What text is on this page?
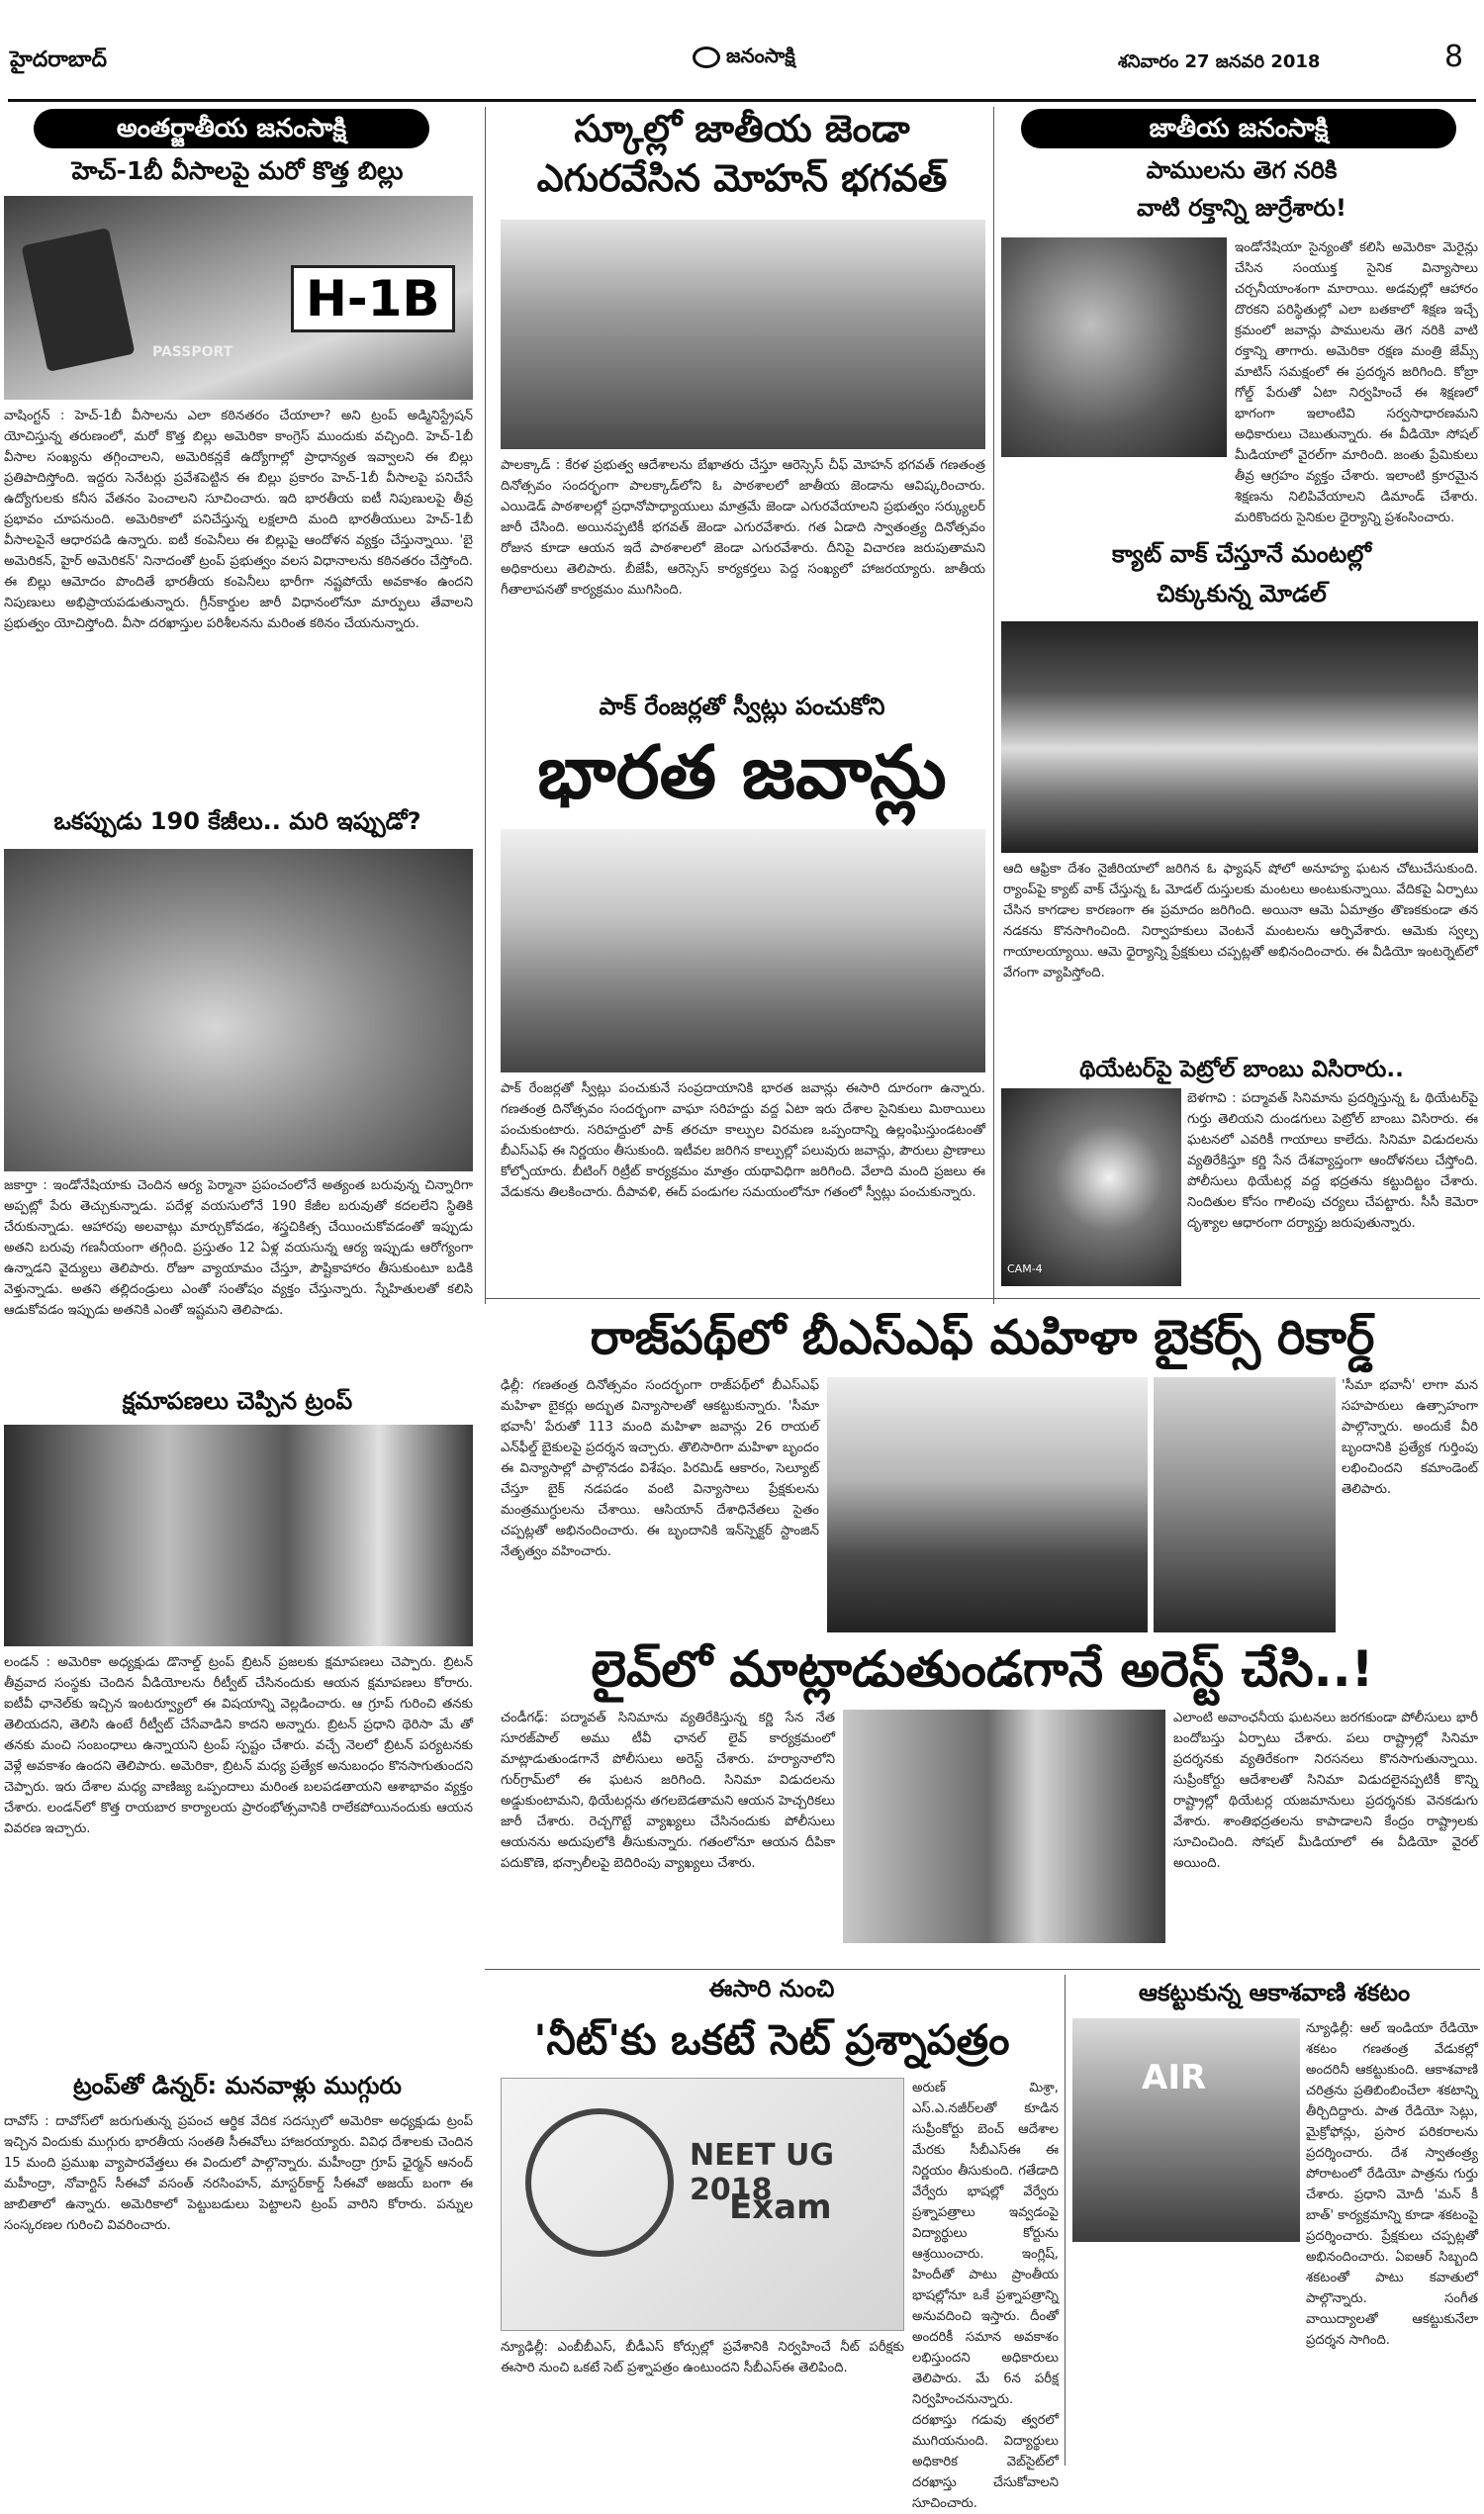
హైదరాబాద్	జనంసాక్షి	శనివారం 27 జనవరి 2018	8
అంతర్జాతీయ జనంసాక్షి
హెచ్‌-1బీ వీసాలపై మరో కొత్త బిల్లు
H-1B
PASSPORT
వాషింగ్టన్‌ : హెచ్‌-1బీ వీసాలను ఎలా కఠినతరం చేయాలా? అని ట్రంప్‌ అడ్మినిస్ట్రేషన్‌ యోచిస్తున్న తరుణంలో, మరో కొత్త బిల్లు అమెరికా కాంగ్రెస్‌ ముందుకు వచ్చింది. హెచ్‌-1బీ వీసాల సంఖ్యను తగ్గించాలని, అమెరికన్లకే ఉద్యోగాల్లో ప్రాధాన్యత ఇవ్వాలని ఈ బిల్లు ప్రతిపాదిస్తోంది. ఇద్దరు సెనేటర్లు ప్రవేశపెట్టిన ఈ బిల్లు ప్రకారం హెచ్‌-1బీ వీసాలపై పనిచేసే ఉద్యోగులకు కనీస వేతనం పెంచాలని సూచించారు. ఇది భారతీయ ఐటీ నిపుణులపై తీవ్ర ప్రభావం చూపనుంది. అమెరికాలో పనిచేస్తున్న లక్షలాది మంది భారతీయులు హెచ్‌-1బీ వీసాలపైనే ఆధారపడి ఉన్నారు. ఐటీ కంపెనీలు ఈ బిల్లుపై ఆందోళన వ్యక్తం చేస్తున్నాయి. 'బై అమెరికన్‌, హైర్‌ అమెరికన్‌' నినాదంతో ట్రంప్‌ ప్రభుత్వం వలస విధానాలను కఠినతరం చేస్తోంది. ఈ బిల్లు ఆమోదం పొందితే భారతీయ కంపెనీలు భారీగా నష్టపోయే అవకాశం ఉందని నిపుణులు అభిప్రాయపడుతున్నారు. గ్రీన్‌కార్డుల జారీ విధానంలోనూ మార్పులు తేవాలని ప్రభుత్వం యోచిస్తోంది. వీసా దరఖాస్తుల పరిశీలనను మరింత కఠినం చేయనున్నారు.
ఒకప్పుడు 190 కేజీలు.. మరి ఇప్పుడో?
జకార్తా : ఇండోనేషియాకు చెందిన ఆర్య పెర్మానా ప్రపంచంలోనే అత్యంత బరువున్న చిన్నారిగా అప్పట్లో పేరు తెచ్చుకున్నాడు. పదేళ్ల వయసులోనే 190 కేజీల బరువుతో కదలలేని స్థితికి చేరుకున్నాడు. ఆహారపు అలవాట్లు మార్చుకోవడం, శస్త్రచికిత్స చేయించుకోవడంతో ఇప్పుడు అతని బరువు గణనీయంగా తగ్గింది. ప్రస్తుతం 12 ఏళ్ల వయసున్న ఆర్య ఇప్పుడు ఆరోగ్యంగా ఉన్నాడని వైద్యులు తెలిపారు. రోజూ వ్యాయామం చేస్తూ, పౌష్టికాహారం తీసుకుంటూ బడికి వెళ్తున్నాడు. అతని తల్లిదండ్రులు ఎంతో సంతోషం వ్యక్తం చేస్తున్నారు. స్నేహితులతో కలిసి ఆడుకోవడం ఇప్పుడు అతనికి ఎంతో ఇష్టమని తెలిపాడు.
క్షమాపణలు చెప్పిన ట్రంప్‌
లండన్‌ : అమెరికా అధ్యక్షుడు డొనాల్డ్‌ ట్రంప్‌ బ్రిటన్‌ ప్రజలకు క్షమాపణలు చెప్పారు. బ్రిటన్‌ తీవ్రవాద సంస్థకు చెందిన వీడియోలను రీట్వీట్‌ చేసినందుకు ఆయన క్షమాపణలు కోరారు. ఐటీవీ ఛానెల్‌కు ఇచ్చిన ఇంటర్వ్యూలో ఈ విషయాన్ని వెల్లడించారు. ఆ గ్రూప్‌ గురించి తనకు తెలియదని, తెలిసి ఉంటే రీట్వీట్‌ చేసేవాడిని కాదని అన్నారు. బ్రిటన్‌ ప్రధాని థెరిసా మే తో తనకు మంచి సంబంధాలు ఉన్నాయని ట్రంప్‌ స్పష్టం చేశారు. వచ్చే నెలలో బ్రిటన్‌ పర్యటనకు వెళ్లే అవకాశం ఉందని తెలిపారు. అమెరికా, బ్రిటన్‌ మధ్య ప్రత్యేక అనుబంధం కొనసాగుతుందని చెప్పారు. ఇరు దేశాల మధ్య వాణిజ్య ఒప్పందాలు మరింత బలపడతాయని ఆశాభావం వ్యక్తం చేశారు. లండన్‌లో కొత్త రాయబార కార్యాలయ ప్రారంభోత్సవానికి రాలేకపోయినందుకు ఆయన వివరణ ఇచ్చారు.
ట్రంప్‌తో డిన్నర్‌: మనవాళ్లు ముగ్గురు
దావోస్‌ : దావోస్‌లో జరుగుతున్న ప్రపంచ ఆర్థిక వేదిక సదస్సులో అమెరికా అధ్యక్షుడు ట్రంప్‌ ఇచ్చిన విందుకు ముగ్గురు భారతీయ సంతతి సీఈవోలు హాజరయ్యారు. వివిధ దేశాలకు చెందిన 15 మంది ప్రముఖ వ్యాపారవేత్తలు ఈ విందులో పాల్గొన్నారు. మహీంద్రా గ్రూప్‌ ఛైర్మన్‌ ఆనంద్‌ మహీంద్రా, నోవార్టిస్‌ సీఈవో వసంత్‌ నరసింహన్‌, మాస్టర్‌కార్డ్‌ సీఈవో అజయ్‌ బంగా ఈ జాబితాలో ఉన్నారు. అమెరికాలో పెట్టుబడులు పెట్టాలని ట్రంప్‌ వారిని కోరారు. పన్నుల సంస్కరణల గురించి వివరించారు.
స్కూల్లో జాతీయ జెండా
ఎగురవేసిన మోహన్‌ భగవత్‌
పాలక్కాడ్‌ : కేరళ ప్రభుత్వ ఆదేశాలను బేఖాతరు చేస్తూ ఆరెస్సెస్‌ చీఫ్‌ మోహన్‌ భగవత్‌ గణతంత్ర దినోత్సవం సందర్భంగా పాలక్కాడ్‌లోని ఓ పాఠశాలలో జాతీయ జెండాను ఆవిష్కరించారు. ఎయిడెడ్‌ పాఠశాలల్లో ప్రధానోపాధ్యాయులు మాత్రమే జెండా ఎగురవేయాలని ప్రభుత్వం సర్క్యులర్‌ జారీ చేసింది. అయినప్పటికీ భగవత్‌ జెండా ఎగురవేశారు. గత ఏడాది స్వాతంత్ర్య దినోత్సవం రోజున కూడా ఆయన ఇదే పాఠశాలలో జెండా ఎగురవేశారు. దీనిపై విచారణ జరుపుతామని అధికారులు తెలిపారు. బీజేపీ, ఆరెస్సెస్‌ కార్యకర్తలు పెద్ద సంఖ్యలో హాజరయ్యారు. జాతీయ గీతాలాపనతో కార్యక్రమం ముగిసింది.
పాక్‌ రేంజర్లతో స్వీట్లు పంచుకోని
భారత జవాన్లు
పాక్‌ రేంజర్లతో స్వీట్లు పంచుకునే సంప్రదాయానికి భారత జవాన్లు ఈసారి దూరంగా ఉన్నారు. గణతంత్ర దినోత్సవం సందర్భంగా వాఘా సరిహద్దు వద్ద ఏటా ఇరు దేశాల సైనికులు మిఠాయిలు పంచుకుంటారు. సరిహద్దులో పాక్‌ తరచూ కాల్పుల విరమణ ఒప్పందాన్ని ఉల్లంఘిస్తుండటంతో బీఎస్‌ఎఫ్‌ ఈ నిర్ణయం తీసుకుంది. ఇటీవల జరిగిన కాల్పుల్లో పలువురు జవాన్లు, పౌరులు ప్రాణాలు కోల్పోయారు. బీటింగ్‌ రిట్రీట్‌ కార్యక్రమం మాత్రం యథావిధిగా జరిగింది. వేలాది మంది ప్రజలు ఈ వేడుకను తిలకించారు. దీపావళి, ఈద్‌ పండుగల సమయంలోనూ గతంలో స్వీట్లు పంచుకున్నారు.
జాతీయ జనంసాక్షి
పాములను తెగ నరికి
వాటి రక్తాన్ని జుర్రేశారు!
ఇండోనేషియా సైన్యంతో కలిసి అమెరికా మెరైన్లు చేసిన సంయుక్త సైనిక విన్యాసాలు చర్చనీయాంశంగా మారాయి. అడవుల్లో ఆహారం దొరకని పరిస్థితుల్లో ఎలా బతకాలో శిక్షణ ఇచ్చే క్రమంలో జవాన్లు పాములను తెగ నరికి వాటి రక్తాన్ని తాగారు. అమెరికా రక్షణ మంత్రి జేమ్స్‌ మాటిస్‌ సమక్షంలో ఈ ప్రదర్శన జరిగింది. కోబ్రా గోల్డ్‌ పేరుతో ఏటా నిర్వహించే ఈ శిక్షణలో భాగంగా ఇలాంటివి సర్వసాధారణమని అధికారులు చెబుతున్నారు. ఈ వీడియో సోషల్‌ మీడియాలో వైరల్‌గా మారింది. జంతు ప్రేమికులు తీవ్ర ఆగ్రహం వ్యక్తం చేశారు. ఇలాంటి క్రూరమైన శిక్షణను నిలిపివేయాలని డిమాండ్‌ చేశారు. మరికొందరు సైనికుల ధైర్యాన్ని ప్రశంసించారు.
క్యాట్‌ వాక్‌ చేస్తూనే మంటల్లో
చిక్కుకున్న మోడల్‌
ఆది ఆఫ్రికా దేశం నైజీరియాలో జరిగిన ఓ ఫ్యాషన్‌ షోలో అనూహ్య ఘటన చోటుచేసుకుంది. ర్యాంప్‌పై క్యాట్‌ వాక్‌ చేస్తున్న ఓ మోడల్‌ దుస్తులకు మంటలు అంటుకున్నాయి. వేదికపై ఏర్పాటు చేసిన కాగడాల కారణంగా ఈ ప్రమాదం జరిగింది. అయినా ఆమె ఏమాత్రం తొణకకుండా తన నడకను కొనసాగించింది. నిర్వాహకులు వెంటనే మంటలను ఆర్పివేశారు. ఆమెకు స్వల్ప గాయాలయ్యాయి. ఆమె ధైర్యాన్ని ప్రేక్షకులు చప్పట్లతో అభినందించారు. ఈ వీడియో ఇంటర్నెట్‌లో వేగంగా వ్యాపిస్తోంది.
థియేటర్‌పై పెట్రోల్‌ బాంబు విసిరారు..
CAM-4
బెళగావి : పద్మావత్‌ సినిమాను ప్రదర్శిస్తున్న ఓ థియేటర్‌పై గుర్తు తెలియని దుండగులు పెట్రోల్‌ బాంబు విసిరారు. ఈ ఘటనలో ఎవరికీ గాయాలు కాలేదు. సినిమా విడుదలను వ్యతిరేకిస్తూ కర్ణి సేన దేశవ్యాప్తంగా ఆందోళనలు చేస్తోంది. పోలీసులు థియేటర్ల వద్ద భద్రతను కట్టుదిట్టం చేశారు. నిందితుల కోసం గాలింపు చర్యలు చేపట్టారు. సీసీ కెమెరా దృశ్యాల ఆధారంగా దర్యాప్తు జరుపుతున్నారు.
రాజ్‌పథ్‌లో బీఎస్‌ఎఫ్‌ మహిళా బైకర్స్‌ రికార్డ్‌
ఢిల్లీ: గణతంత్ర దినోత్సవం సందర్భంగా రాజ్‌పథ్‌లో బీఎస్‌ఎఫ్‌ మహిళా బైకర్లు అద్భుత విన్యాసాలతో ఆకట్టుకున్నారు. 'సీమా భవానీ' పేరుతో 113 మంది మహిళా జవాన్లు 26 రాయల్‌ ఎన్‌ఫీల్డ్‌ బైకులపై ప్రదర్శన ఇచ్చారు. తొలిసారిగా మహిళా బృందం ఈ విన్యాసాల్లో పాల్గొనడం విశేషం. పిరమిడ్‌ ఆకారం, సెల్యూట్‌ చేస్తూ బైక్‌ నడపడం వంటి విన్యాసాలు ప్రేక్షకులను మంత్రముగ్ధులను చేశాయి. ఆసియాన్‌ దేశాధినేతలు సైతం చప్పట్లతో అభినందించారు. ఈ బృందానికి ఇన్‌స్పెక్టర్‌ స్టాంజిన్‌ నేతృత్వం వహించారు.
'సీమా భవానీ' లాగా మన సహపాఠులు ఉత్సాహంగా పాల్గొన్నారు. అందుకే వీరి బృందానికి ప్రత్యేక గుర్తింపు లభించిందని కమాండెంట్‌ తెలిపారు.
లైవ్‌లో మాట్లాడుతుండగానే అరెస్ట్‌ చేసి..!
చండీగఢ్‌: పద్మావత్‌ సినిమాను వ్యతిరేకిస్తున్న కర్ణి సేన నేత సూరజ్‌పాల్‌ అము టీవీ ఛానల్‌ లైవ్‌ కార్యక్రమంలో మాట్లాడుతుండగానే పోలీసులు అరెస్ట్‌ చేశారు. హర్యానాలోని గుర్‌గ్రామ్‌లో ఈ ఘటన జరిగింది. సినిమా విడుదలను అడ్డుకుంటామని, థియేటర్లను తగలబెడతామని ఆయన హెచ్చరికలు జారీ చేశారు. రెచ్చగొట్టే వ్యాఖ్యలు చేసినందుకు పోలీసులు ఆయనను అదుపులోకి తీసుకున్నారు. గతంలోనూ ఆయన దీపికా పదుకొణె, భన్సాలీలపై బెదిరింపు వ్యాఖ్యలు చేశారు.
ఎలాంటి అవాంఛనీయ ఘటనలు జరగకుండా పోలీసులు భారీ బందోబస్తు ఏర్పాటు చేశారు. పలు రాష్ట్రాల్లో సినిమా ప్రదర్శనకు వ్యతిరేకంగా నిరసనలు కొనసాగుతున్నాయి. సుప్రీంకోర్టు ఆదేశాలతో సినిమా విడుదలైనప్పటికీ కొన్ని రాష్ట్రాల్లో థియేటర్ల యజమానులు ప్రదర్శనకు వెనకడుగు వేశారు. శాంతిభద్రతలను కాపాడాలని కేంద్రం రాష్ట్రాలకు సూచించింది. సోషల్‌ మీడియాలో ఈ వీడియో వైరల్‌ అయింది.
ఈసారి నుంచి
'నీట్‌'కు ఒకటే సెట్‌ ప్రశ్నాపత్రం
NEET UG 2018
Exam
న్యూఢిల్లీ: ఎంబీబీఎస్‌, బీడీఎస్‌ కోర్సుల్లో ప్రవేశానికి నిర్వహించే నీట్‌ పరీక్షకు ఈసారి నుంచి ఒకటే సెట్‌ ప్రశ్నాపత్రం ఉంటుందని సీబీఎస్‌ఈ తెలిపింది.
అరుణ్‌ మిశ్రా, ఎస్‌.ఎ.నజీర్‌లతో కూడిన సుప్రీంకోర్టు బెంచ్‌ ఆదేశాల మేరకు సీబీఎస్‌ఈ ఈ నిర్ణయం తీసుకుంది. గతేడాది వేర్వేరు భాషల్లో వేర్వేరు ప్రశ్నాపత్రాలు ఇవ్వడంపై విద్యార్థులు కోర్టును ఆశ్రయించారు. ఇంగ్లిష్‌, హిందీతో పాటు ప్రాంతీయ భాషల్లోనూ ఒకే ప్రశ్నాపత్రాన్ని అనువదించి ఇస్తారు. దీంతో అందరికీ సమాన అవకాశం లభిస్తుందని అధికారులు తెలిపారు. మే 6న పరీక్ష నిర్వహించనున్నారు. దరఖాస్తు గడువు త్వరలో ముగియనుంది. విద్యార్థులు అధికారిక వెబ్‌సైట్‌లో దరఖాస్తు చేసుకోవాలని సూచించారు.
ఆకట్టుకున్న ఆకాశవాణి శకటం
AIR
న్యూఢిల్లీ: ఆల్‌ ఇండియా రేడియో శకటం గణతంత్ర వేడుకల్లో అందరినీ ఆకట్టుకుంది. ఆకాశవాణి చరిత్రను ప్రతిబింబించేలా శకటాన్ని తీర్చిదిద్దారు. పాత రేడియో సెట్లు, మైక్రోఫోన్లు, ప్రసార పరికరాలను ప్రదర్శించారు. దేశ స్వాతంత్ర్య పోరాటంలో రేడియో పాత్రను గుర్తు చేశారు. ప్రధాని మోదీ 'మన్‌ కీ బాత్‌' కార్యక్రమాన్ని కూడా శకటంపై ప్రదర్శించారు. ప్రేక్షకులు చప్పట్లతో అభినందించారు. ఏఐఆర్‌ సిబ్బంది శకటంతో పాటు కవాతులో పాల్గొన్నారు. సంగీత వాయిద్యాలతో ఆకట్టుకునేలా ప్రదర్శన సాగింది.
